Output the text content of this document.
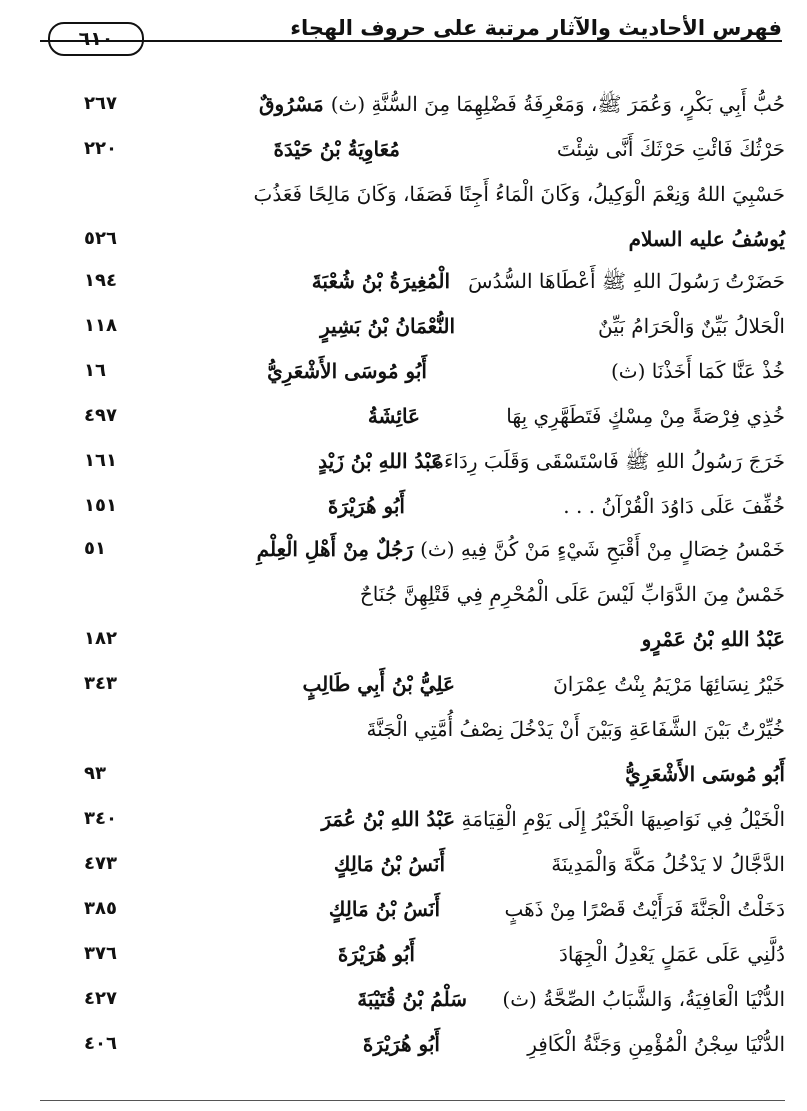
فهرس الأحاديث والآثار مرتبة على حروف الهجاء
٦١٠
حُبُّ أَبِي بَكْرٍ، وَعُمَرَ ﷺ، وَمَعْرِفَةُ فَضْلِهِمَا مِنَ السُّنَّةِ (ث) مَسْرُوقٌ
٢٦٧
حَرْثُكَ فَائْتِ حَرْثَكَ أَنَّى شِئْتَ
مُعَاوِيَةُ بْنُ حَيْدَةَ
٢٢٠
حَسْبِيَ اللهُ وَنِعْمَ الْوَكِيلُ، وَكَانَ الْمَاءُ أَجِنًا فَصَفَا، وَكَانَ مَالِحًا فَعَذُبَ
يُوسُفُ عليه السلام
٥٢٦
حَضَرْتُ رَسُولَ اللهِ ﷺ أَعْطَاهَا السُّدُسَ
الْمُغِيرَةُ بْنُ شُعْبَةَ
١٩٤
الْحَلالُ بَيِّنٌ وَالْحَرَامُ بَيِّنٌ
النُّعْمَانُ بْنُ بَشِيرٍ
١١٨
خُذْ عَنَّا كَمَا أَخَذْنَا (ث)
أَبُو مُوسَى الأَشْعَرِيُّ
١٦
خُذِي فِرْصَةً مِنْ مِسْكٍ فَتَطَهَّرِي بِهَا
عَائِشَةُ
٤٩٧
خَرَجَ رَسُولُ اللهِ ﷺ فَاسْتَسْقَى وَقَلَبَ رِدَاءَهُ
عَبْدُ اللهِ بْنُ زَيْدٍ
١٦١
خُفِّفَ عَلَى دَاوُدَ الْقُرْآنُ . . .
أَبُو هُرَيْرَةَ
١٥١
خَمْسُ خِصَالٍ مِنْ أَقْبَحِ شَيْءٍ مَنْ كُنَّ فِيهِ (ث) رَجُلٌ مِنْ أَهْلِ الْعِلْمِ
٥١
خَمْسٌ مِنَ الدَّوَابِّ لَيْسَ عَلَى الْمُحْرِمِ فِي قَتْلِهِنَّ جُنَاحٌ
عَبْدُ اللهِ بْنُ عَمْرٍو
١٨٢
خَيْرُ نِسَائِهَا مَرْيَمُ بِنْتُ عِمْرَانَ
عَلِيُّ بْنُ أَبِي طَالِبٍ
٣٤٣
خُيِّرْتُ بَيْنَ الشَّفَاعَةِ وَبَيْنَ أَنْ يَدْخُلَ نِصْفُ أُمَّتِي الْجَنَّةَ
أَبُو مُوسَى الأَشْعَرِيُّ
٩٣
الْخَيْلُ فِي نَوَاصِيهَا الْخَيْرُ إِلَى يَوْمِ الْقِيَامَةِ
عَبْدُ اللهِ بْنُ عُمَرَ
٣٤٠
الدَّجَّالُ لا يَدْخُلُ مَكَّةَ وَالْمَدِينَةَ
أَنَسُ بْنُ مَالِكٍ
٤٧٣
دَخَلْتُ الْجَنَّةَ فَرَأَيْتُ قَصْرًا مِنْ ذَهَبٍ
أَنَسُ بْنُ مَالِكٍ
٣٨٥
دُلَّنِي عَلَى عَمَلٍ يَعْدِلُ الْجِهَادَ
أَبُو هُرَيْرَةَ
٣٧٦
الدُّنْيَا الْعَافِيَةُ، وَالشَّبَابُ الصِّحَّةُ (ث)
سَلْمُ بْنُ قُتَيْبَةَ
٤٢٧
الدُّنْيَا سِجْنُ الْمُؤْمِنِ وَجَنَّةُ الْكَافِرِ
أَبُو هُرَيْرَةَ
٤٠٦
